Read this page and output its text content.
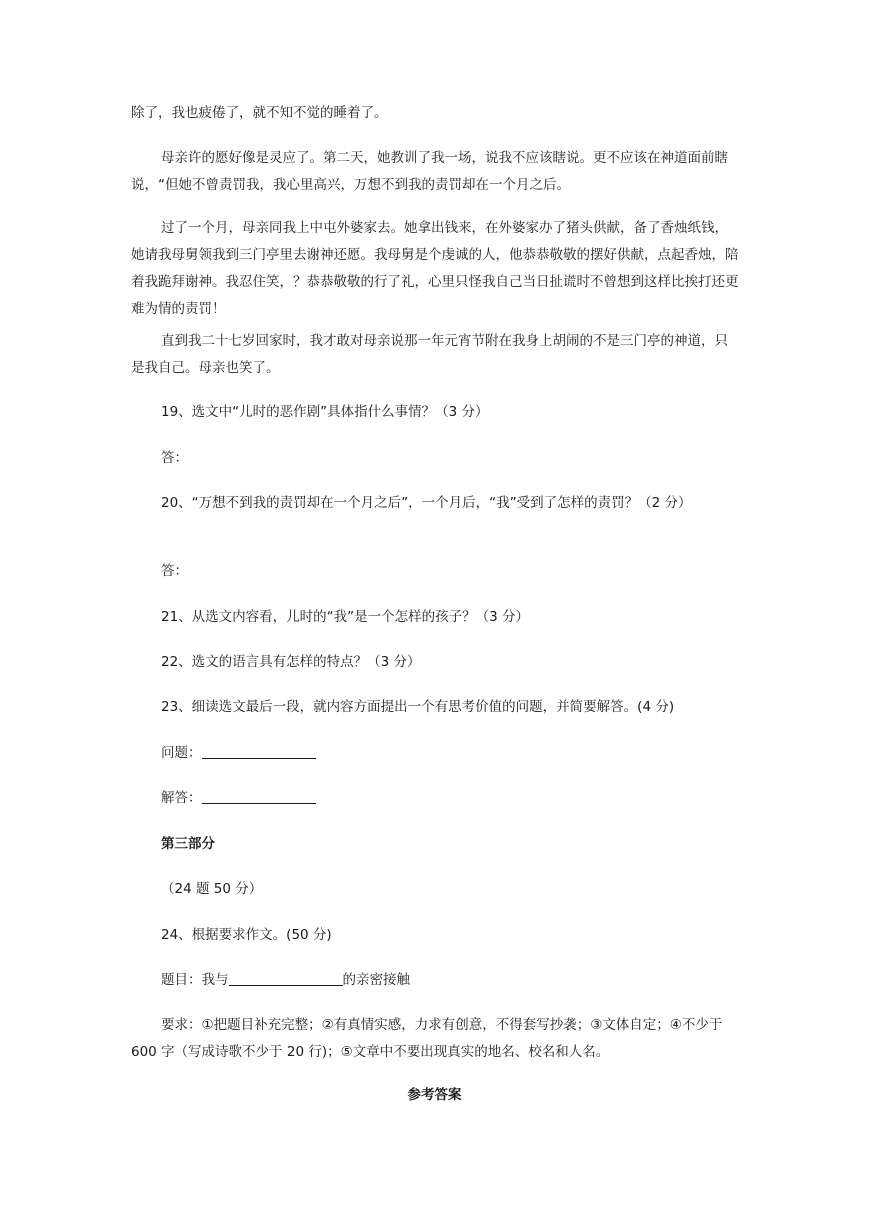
除了，我也疲倦了，就不知不觉的睡着了。
母亲许的愿好像是灵应了。第二天，她教训了我一场，说我不应该瞎说。更不应该在神道面前瞎说，“但她不曾责罚我，我心里高兴，万想不到我的责罚却在一个月之后。
过了一个月，母亲同我上中屯外婆家去。她拿出钱来，在外婆家办了猪头供献，备了香烛纸钱，她请我母舅领我到三门亭里去谢神还愿。我母舅是个虔诚的人，他恭恭敬敬的摆好供献，点起香烛，陪着我跪拜谢神。我忍住笑，？恭恭敬敬的行了礼，心里只怪我自己当日扯谎时不曾想到这样比挨打还更难为情的责罚！
直到我二十七岁回家时，我才敢对母亲说那一年元宵节附在我身上胡闹的不是三门亭的神道，只是我自己。母亲也笑了。
19、选文中“儿时的恶作剧”具体指什么事情？（3 分）
答：
20、“万想不到我的责罚却在一个月之后”，一个月后，“我”受到了怎样的责罚？（2 分）
答：
21、从选文内容看，儿时的“我”是一个怎样的孩子？（3 分）
22、选文的语言具有怎样的特点？（3 分）
23、细读选文最后一段，就内容方面提出一个有思考价值的问题，并简要解答。(4 分)
问题：
解答：
第三部分
（24 题 50 分）
24、根据要求作文。(50 分)
题目：我与	的亲密接触
要求：①把题目补充完整；②有真情实感，力求有创意，不得套写抄袭；③文体自定；④不少于 600 字（写成诗歌不少于 20 行)；⑤文章中不要出现真实的地名、校名和人名。
参考答案
